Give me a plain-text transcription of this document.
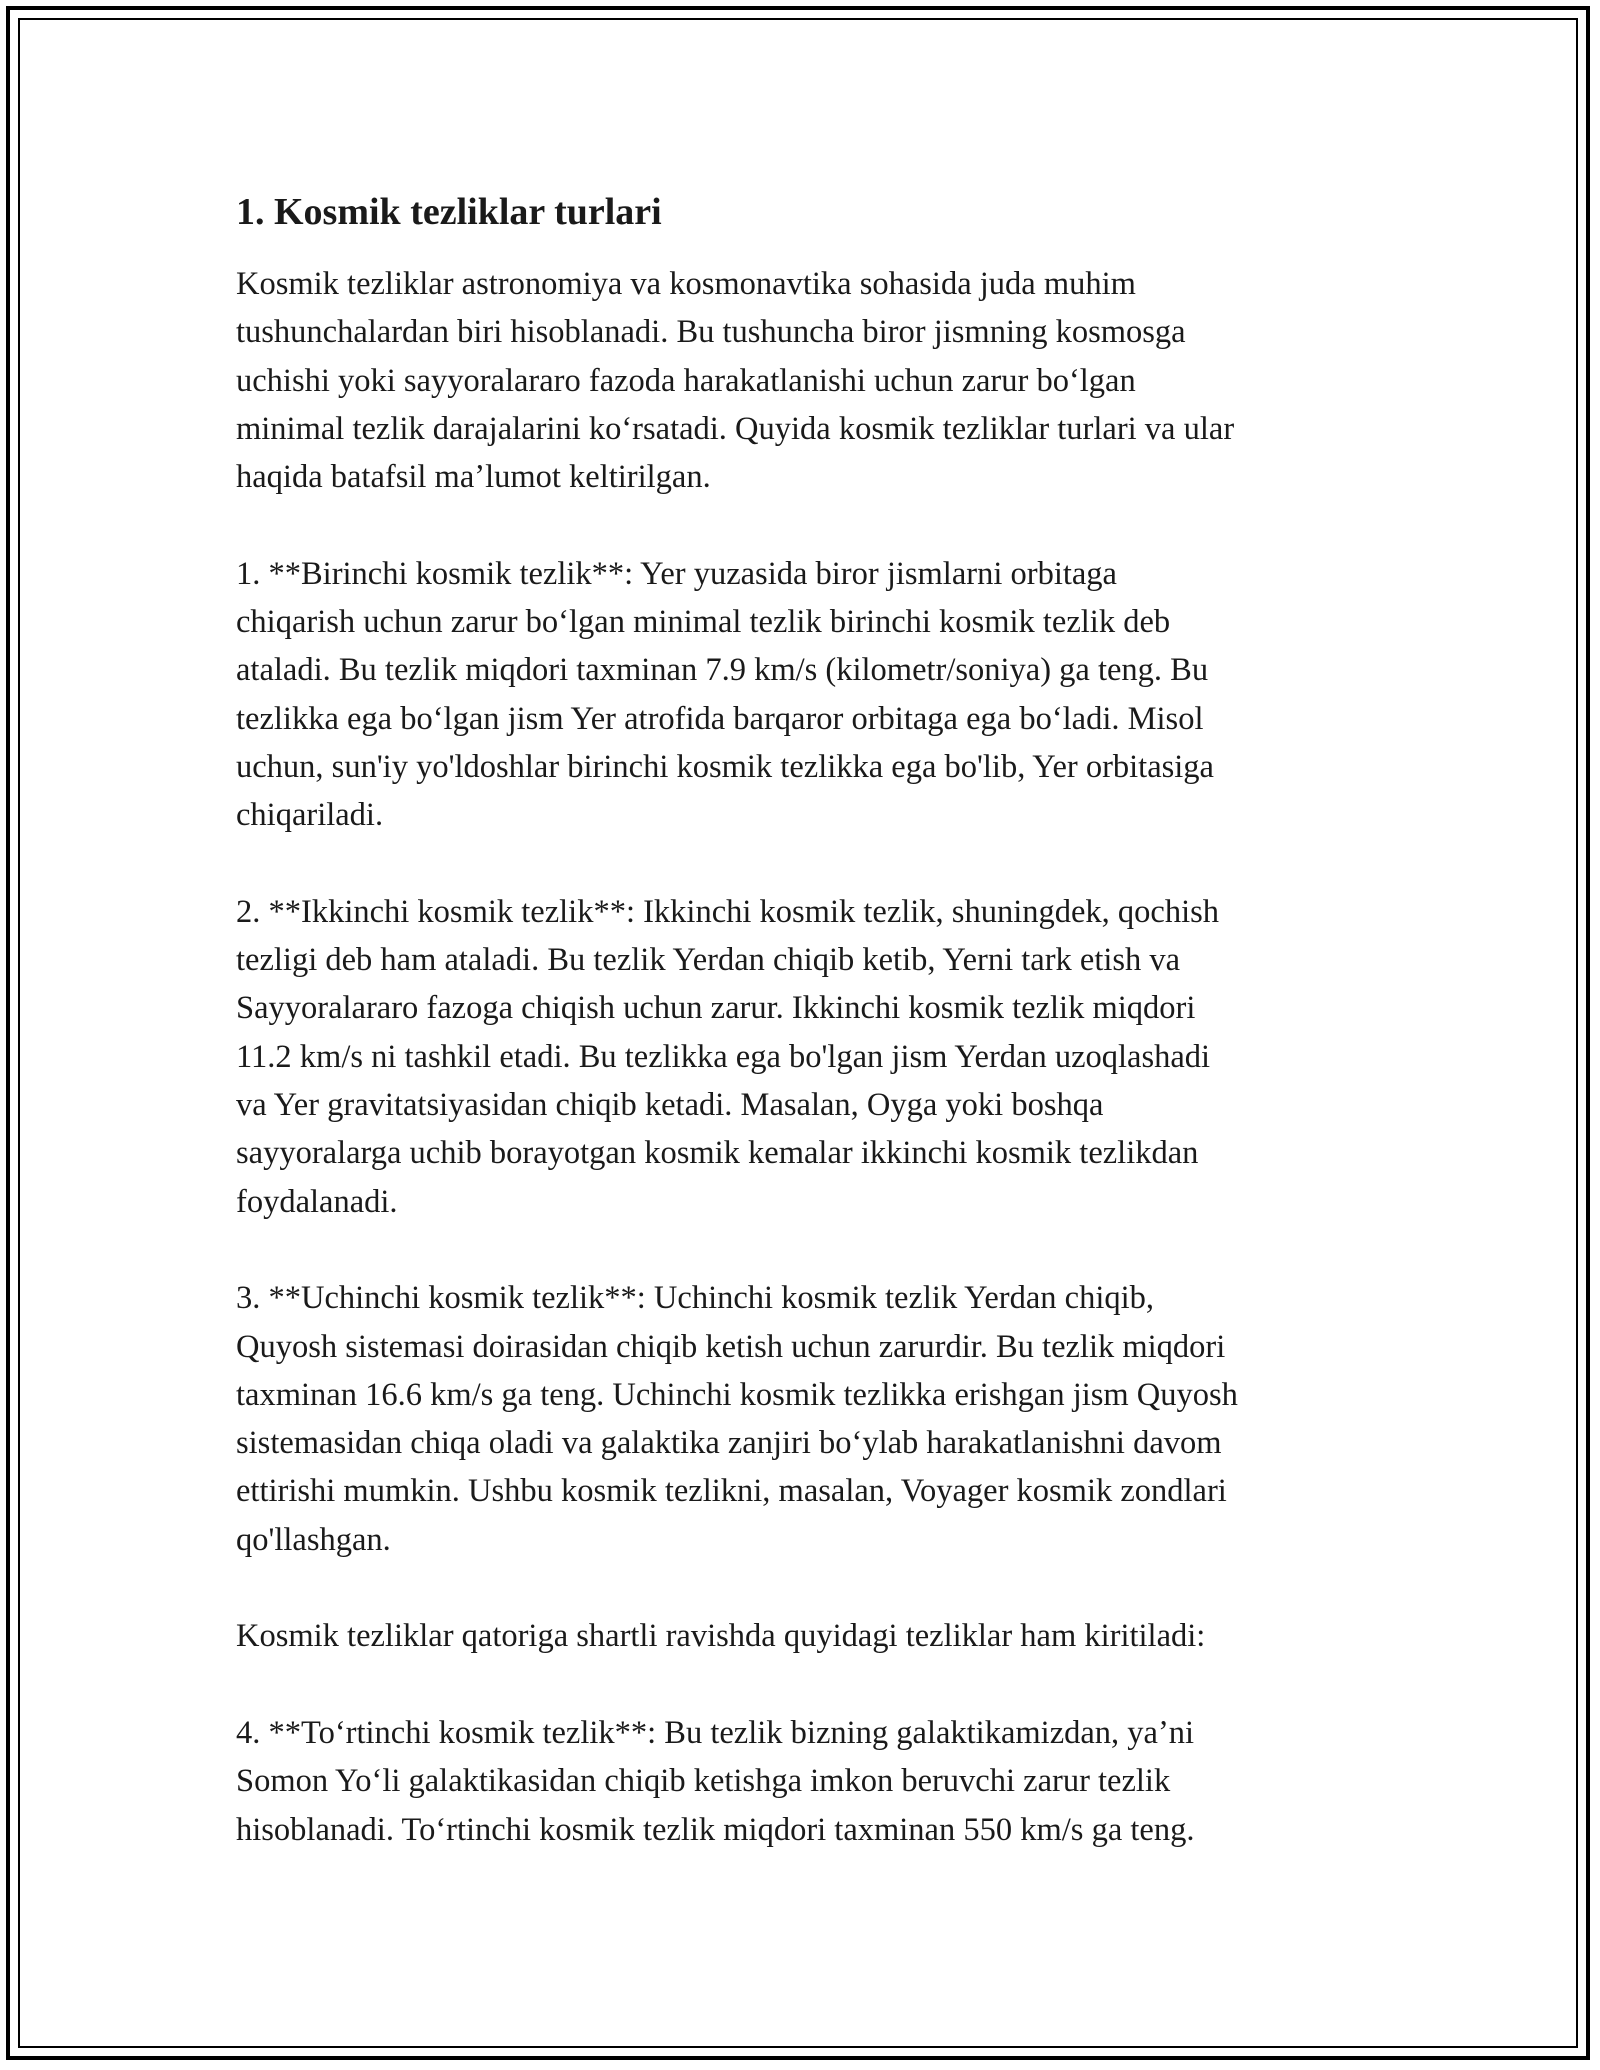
1. Kosmik tezliklar turlari
Kosmik tezliklar astronomiya va kosmonavtika sohasida juda muhim
tushunchalardan biri hisoblanadi. Bu tushuncha biror jismning kosmosga
uchishi yoki sayyoralararo fazoda harakatlanishi uchun zarur boʻlgan
minimal tezlik darajalarini koʻrsatadi. Quyida kosmik tezliklar turlari va ular
haqida batafsil maʼlumot keltirilgan.
1. **Birinchi kosmik tezlik**: Yer yuzasida biror jismlarni orbitaga
chiqarish uchun zarur boʻlgan minimal tezlik birinchi kosmik tezlik deb
ataladi. Bu tezlik miqdori taxminan 7.9 km/s (kilometr/soniya) ga teng. Bu
tezlikka ega boʻlgan jism Yer atrofida barqaror orbitaga ega boʻladi. Misol
uchun, sun'iy yo'ldoshlar birinchi kosmik tezlikka ega bo'lib, Yer orbitasiga
chiqariladi.
2. **Ikkinchi kosmik tezlik**: Ikkinchi kosmik tezlik, shuningdek, qochish
tezligi deb ham ataladi. Bu tezlik Yerdan chiqib ketib, Yerni tark etish va
Sayyoralararo fazoga chiqish uchun zarur. Ikkinchi kosmik tezlik miqdori
11.2 km/s ni tashkil etadi. Bu tezlikka ega bo'lgan jism Yerdan uzoqlashadi
va Yer gravitatsiyasidan chiqib ketadi. Masalan, Oyga yoki boshqa
sayyoralarga uchib borayotgan kosmik kemalar ikkinchi kosmik tezlikdan
foydalanadi.
3. **Uchinchi kosmik tezlik**: Uchinchi kosmik tezlik Yerdan chiqib,
Quyosh sistemasi doirasidan chiqib ketish uchun zarurdir. Bu tezlik miqdori
taxminan 16.6 km/s ga teng. Uchinchi kosmik tezlikka erishgan jism Quyosh
sistemasidan chiqa oladi va galaktika zanjiri boʻylab harakatlanishni davom
ettirishi mumkin. Ushbu kosmik tezlikni, masalan, Voyager kosmik zondlari
qo'llashgan.
Kosmik tezliklar qatoriga shartli ravishda quyidagi tezliklar ham kiritiladi:
4. **Toʻrtinchi kosmik tezlik**: Bu tezlik bizning galaktikamizdan, yaʼni
Somon Yoʻli galaktikasidan chiqib ketishga imkon beruvchi zarur tezlik
hisoblanadi. Toʻrtinchi kosmik tezlik miqdori taxminan 550 km/s ga teng.
